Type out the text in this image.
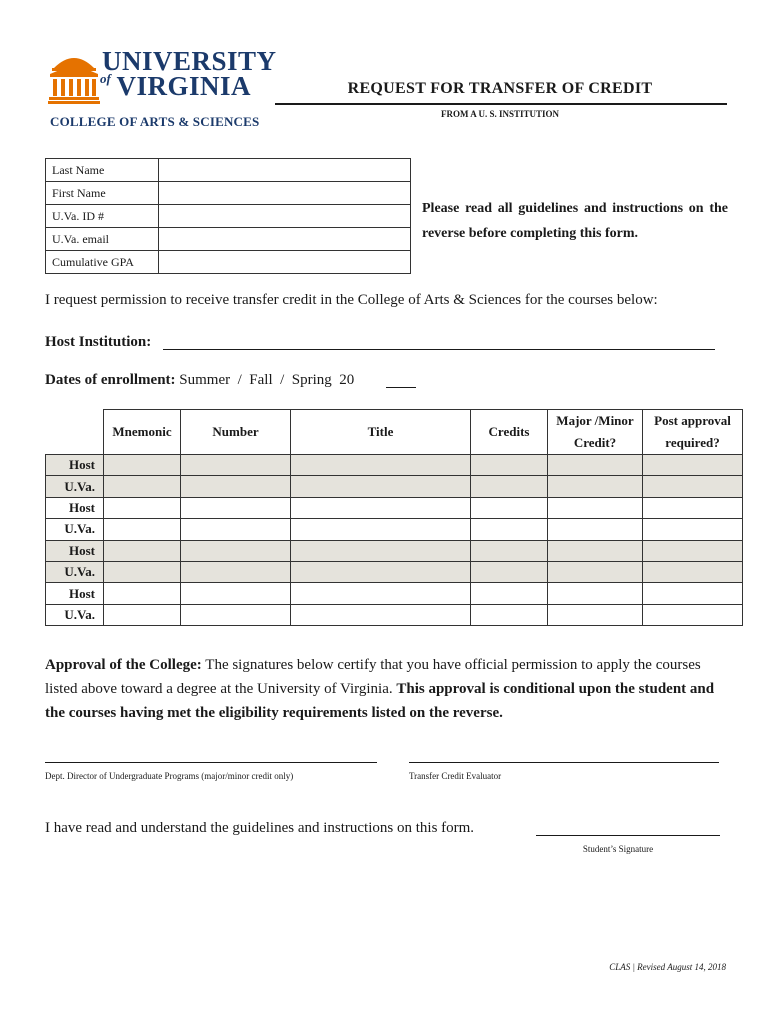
UNIVERSITY
of VIRGINIA
COLLEGE OF ARTS & SCIENCES
REQUEST FOR TRANSFER OF CREDIT
FROM A U. S. INSTITUTION
Last Name	
First Name	
U.Va. ID #	
U.Va. email	
Cumulative GPA	
Please read all guidelines and instructions on the reverse before completing this form.
I request permission to receive transfer credit in the College of Arts & Sciences for the courses below:
Host Institution:
Dates of enrollment: Summer  /  Fall  /  Spring  20
	Mnemonic	Number	Title	Credits	Major /Minor Credit?	Post approval required?
Host						
U.Va.						
Host						
U.Va.						
Host						
U.Va.						
Host						
U.Va.						
Approval of the College: The signatures below certify that you have official permission to apply the courses listed above toward a degree at the University of Virginia. This approval is conditional upon the student and the courses having met the eligibility requirements listed on the reverse.
Dept. Director of Undergraduate Programs (major/minor credit only)	Transfer Credit Evaluator
I have read and understand the guidelines and instructions on this form.
Student’s Signature
CLAS | Revised August 14, 2018
